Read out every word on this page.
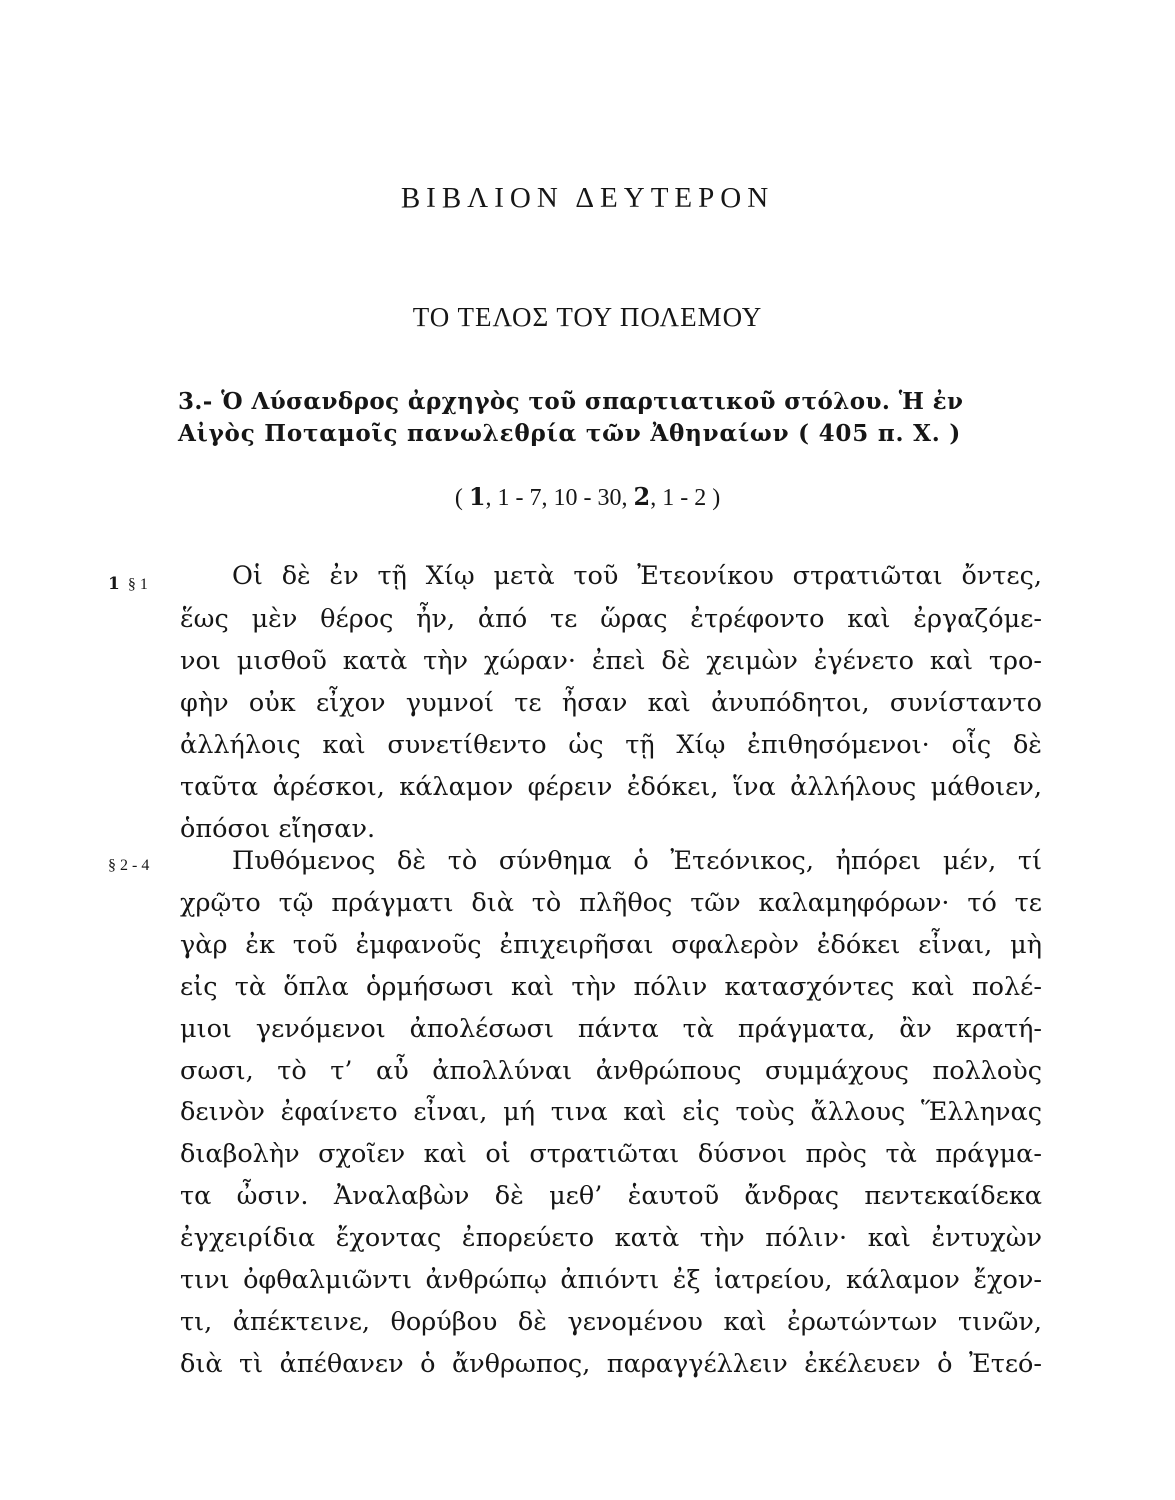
ΒΙΒΛΙΟΝ ΔΕΥΤΕΡΟΝ
ΤΟ ΤΕΛΟΣ ΤΟΥ ΠΟΛΕΜΟΥ
3.- Ὁ Λύσανδρος ἀρχηγὸς τοῦ σπαρτιατικοῦ στόλου. Ἡ ἐν
Αἰγὸς Ποταμοῖς πανωλεθρία τῶν Ἀθηναίων ( 405 π. Χ. )
( 1, 1 - 7, 10 - 30, 2, 1 - 2 )
1 § 1
§ 2 - 4
Οἱ δὲ ἐν τῇ Χίῳ μετὰ τοῦ Ἐτεονίκου στρατιῶται ὄντες,
ἕως μὲν θέρος ἦν, ἀπό τε ὥρας ἐτρέφοντο καὶ ἐργαζόμε-
νοι μισθοῦ κατὰ τὴν χώραν· ἐπεὶ δὲ χειμὼν ἐγένετο καὶ τρο-
φὴν οὐκ εἶχον γυμνοί τε ἦσαν καὶ ἀνυπόδητοι, συνίσταντο
ἀλλήλοις καὶ συνετίθεντο ὡς τῇ Χίῳ ἐπιθησόμενοι· οἷς δὲ
ταῦτα ἀρέσκοι, κάλαμον φέρειν ἐδόκει, ἵνα ἀλλήλους μάθοιεν,
ὁπόσοι εἴησαν.
Πυθόμενος δὲ τὸ σύνθημα ὁ Ἐτεόνικος, ἠπόρει μέν, τί
χρῷτο τῷ πράγματι διὰ τὸ πλῆθος τῶν καλαμηφόρων· τό τε
γὰρ ἐκ τοῦ ἐμφανοῦς ἐπιχειρῆσαι σφαλερὸν ἐδόκει εἶναι, μὴ
εἰς τὰ ὅπλα ὁρμήσωσι καὶ τὴν πόλιν κατασχόντες καὶ πολέ-
μιοι γενόμενοι ἀπολέσωσι πάντα τὰ πράγματα, ἂν κρατή-
σωσι, τὸ τ’ αὖ ἀπολλύναι ἀνθρώπους συμμάχους πολλοὺς
δεινὸν ἐφαίνετο εἶναι, μή τινα καὶ εἰς τοὺς ἄλλους Ἕλληνας
διαβολὴν σχοῖεν καὶ οἱ στρατιῶται δύσνοι πρὸς τὰ πράγμα-
τα ὦσιν. Ἀναλαβὼν δὲ μεθ’ ἑαυτοῦ ἄνδρας πεντεκαίδεκα
ἐγχειρίδια ἔχοντας ἐπορεύετο κατὰ τὴν πόλιν· καὶ ἐντυχὼν
τινι ὀφθαλμιῶντι ἀνθρώπῳ ἀπιόντι ἐξ ἰατρείου, κάλαμον ἔχον-
τι, ἀπέκτεινε, θορύβου δὲ γενομένου καὶ ἐρωτώντων τινῶν,
διὰ τὶ ἀπέθανεν ὁ ἄνθρωπος, παραγγέλλειν ἐκέλευεν ὁ Ἐτεό-
